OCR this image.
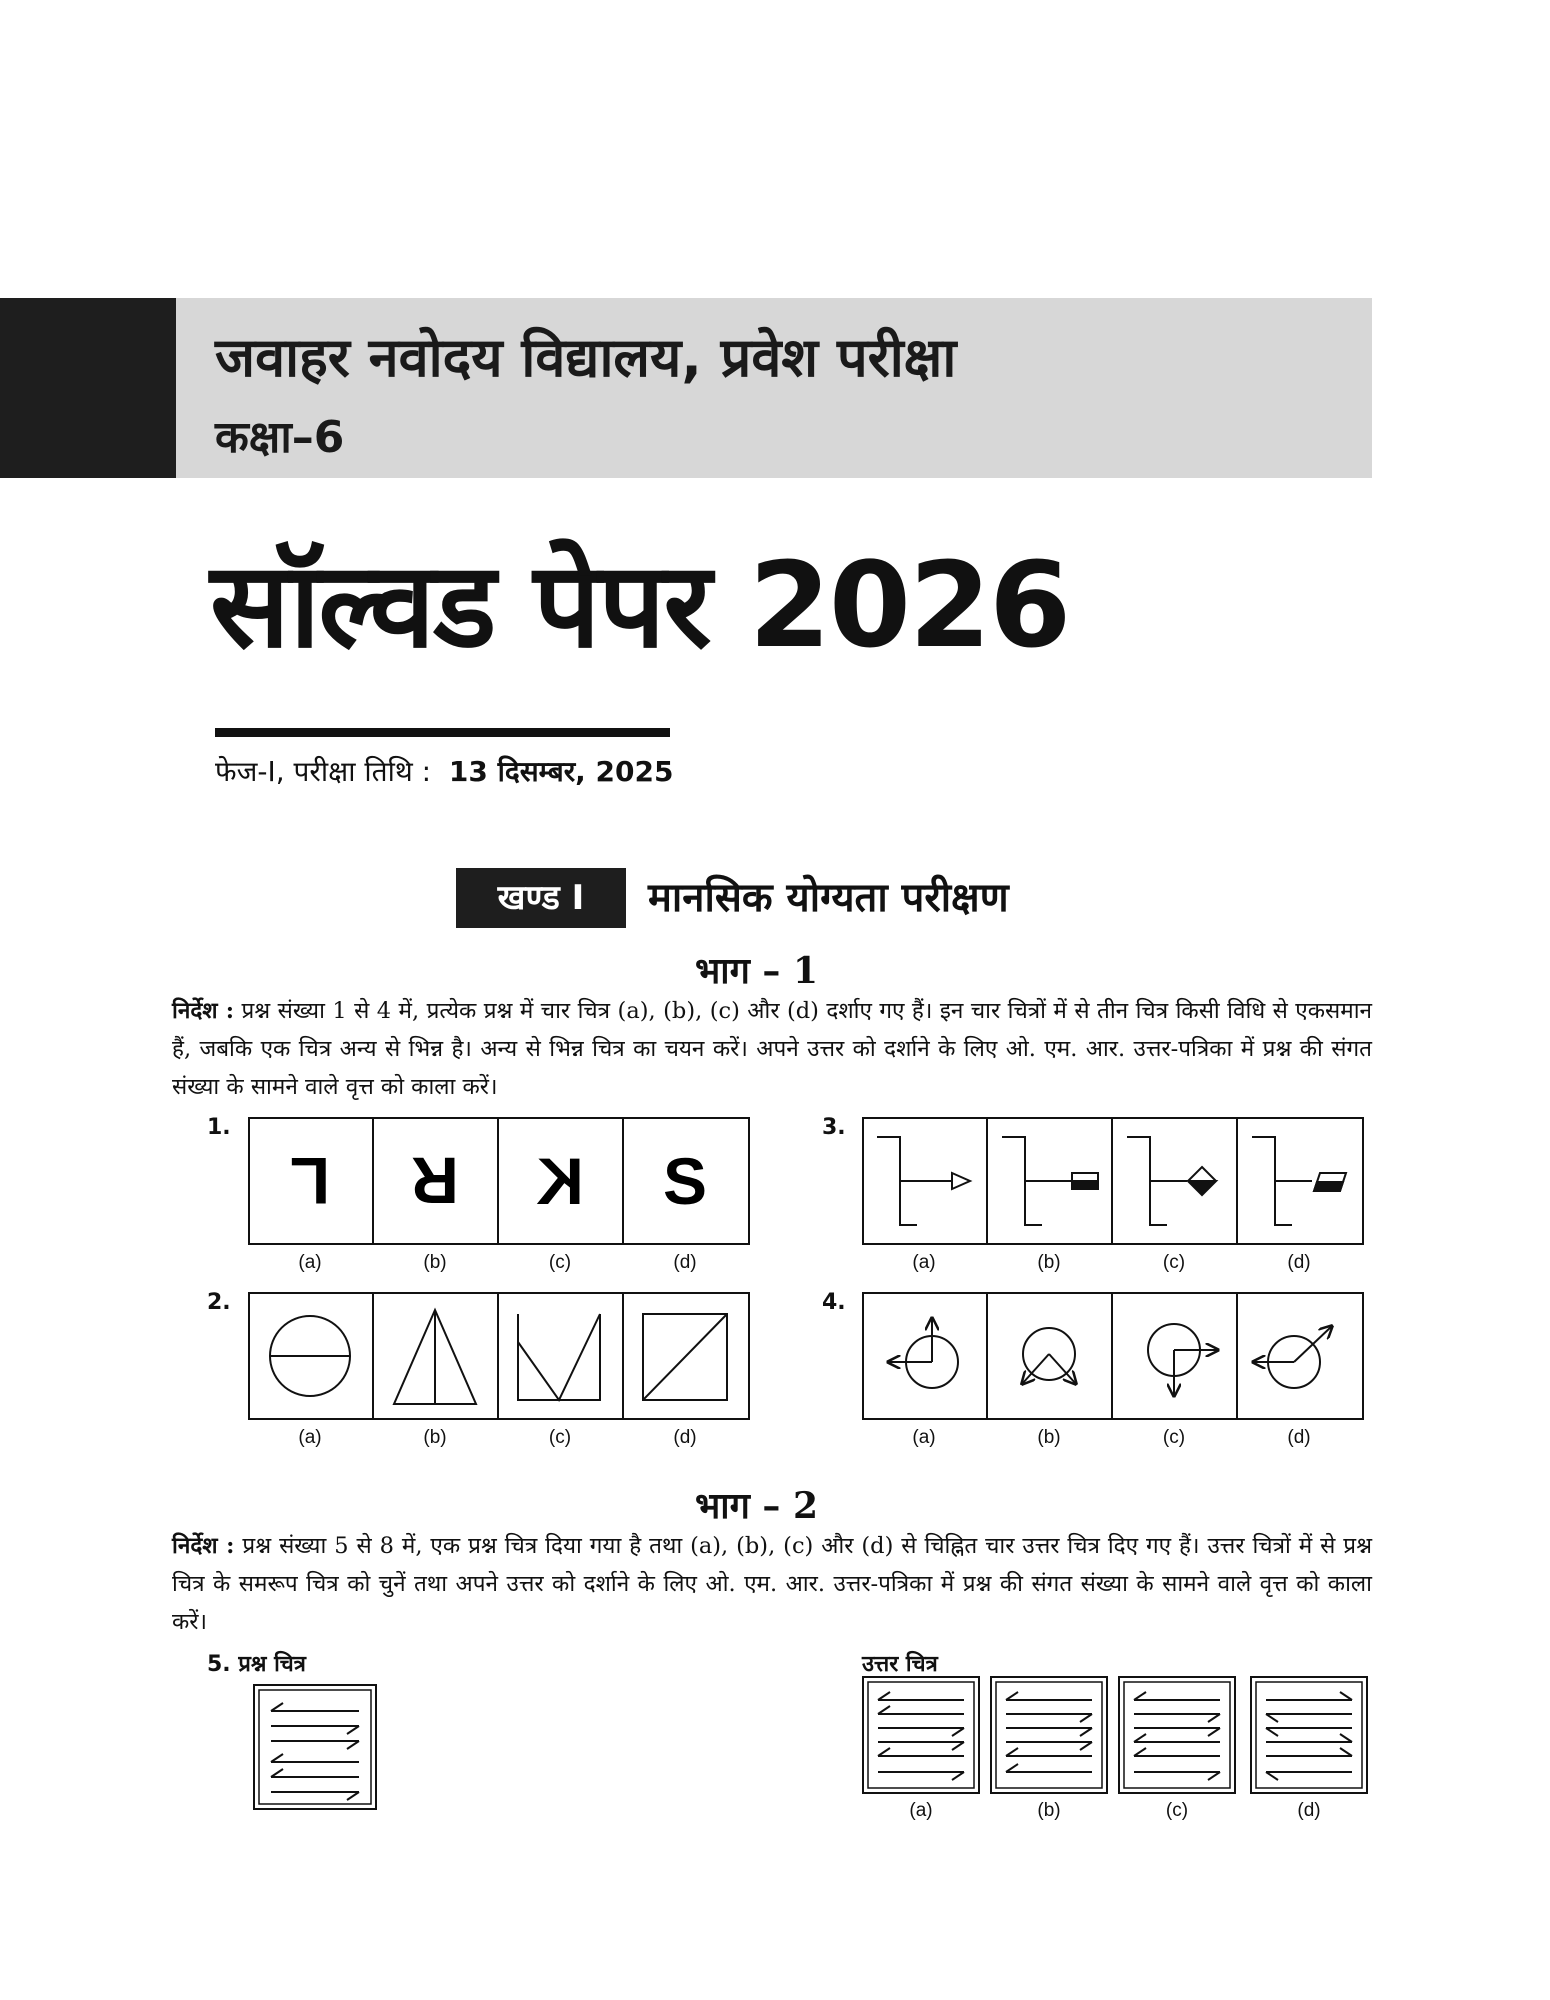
जवाहर नवोदय विद्यालय, प्रवेश परीक्षा
कक्षा–6
सॉल्वड पेपर 2026
फेज-I, परीक्षा तिथि : 13 दिसम्बर, 2025
खण्ड I	मानसिक योग्यता परीक्षण
भाग – 1
निर्देश : प्रश्न संख्या 1 से 4 में, प्रत्येक प्रश्न में चार चित्र (a), (b), (c) और (d) दर्शाए गए हैं। इन चार चित्रों में से तीन चित्र किसी विधि से एकसमान हैं, जबकि एक चित्र अन्य से भिन्न है। अन्य से भिन्न चित्र का चयन करें। अपने उत्तर को दर्शाने के लिए ओ. एम. आर. उत्तर-पत्रिका में प्रश्न की संगत संख्या के सामने वाले वृत्त को काला करें।
1.
L R K S
(a)	(b)	(c)	(d)
3.
(a)	(b)	(c)	(d)
2.
(a)	(b)	(c)	(d)
4.
(a)	(b)	(c)	(d)
भाग – 2
निर्देश : प्रश्न संख्या 5 से 8 में, एक प्रश्न चित्र दिया गया है तथा (a), (b), (c) और (d) से चिह्नित चार उत्तर चित्र दिए गए हैं। उत्तर चित्रों में से प्रश्न चित्र के समरूप चित्र को चुनें तथा अपने उत्तर को दर्शाने के लिए ओ. एम. आर. उत्तर-पत्रिका में प्रश्न की संगत संख्या के सामने वाले वृत्त को काला करें।
5. प्रश्न चित्र	उत्तर चित्र
(a)	(b)	(c)	(d)
